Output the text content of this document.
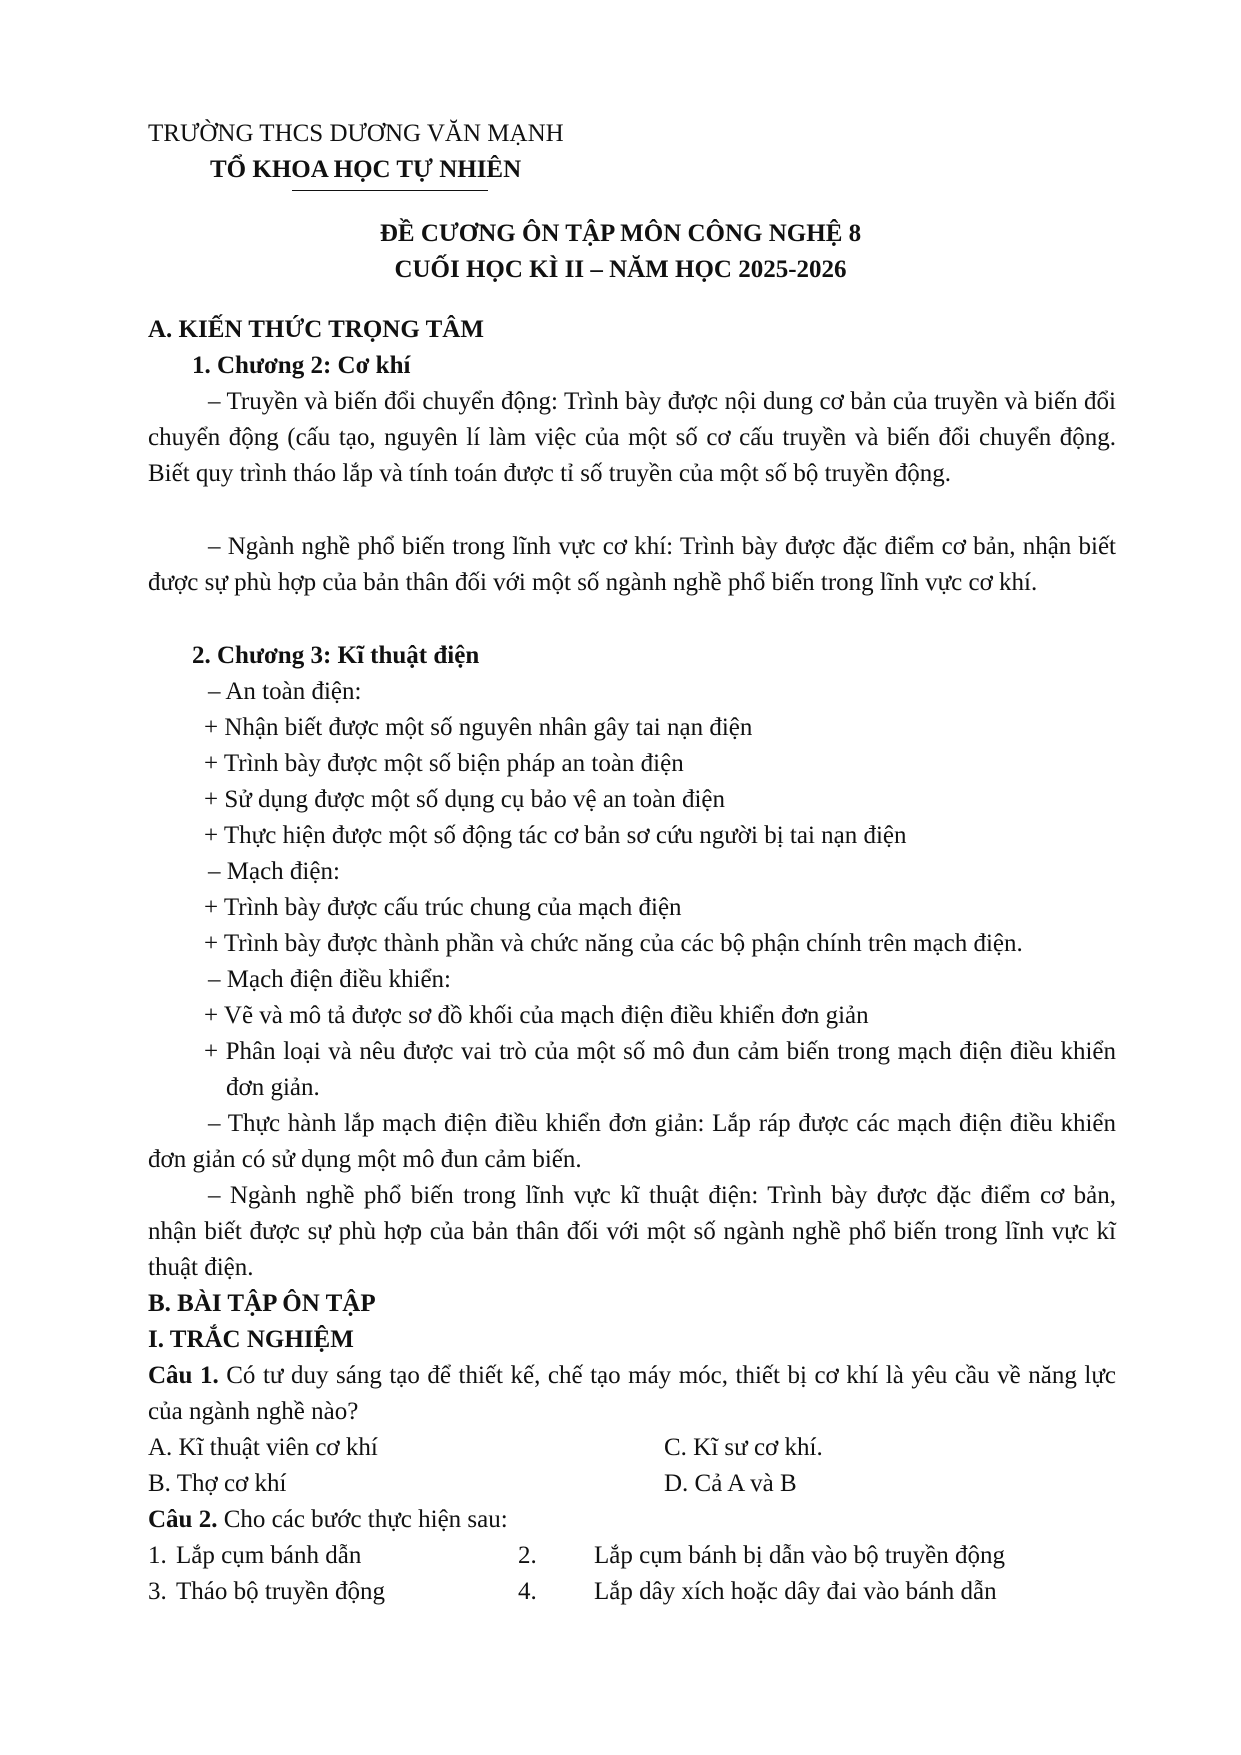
TRƯỜNG THCS DƯƠNG VĂN MẠNH
TỔ KHOA HỌC TỰ NHIÊN
ĐỀ CƯƠNG ÔN TẬP MÔN CÔNG NGHỆ 8
CUỐI HỌC KÌ II – NĂM HỌC 2025-2026
A. KIẾN THỨC TRỌNG TÂM
1. Chương 2: Cơ khí
– Truyền và biến đổi chuyển động: Trình bày được nội dung cơ bản của truyền và biến đổi chuyển động (cấu tạo, nguyên lí làm việc của một số cơ cấu truyền và biến đổi chuyển động. Biết quy trình tháo lắp và tính toán được tỉ số truyền của một số bộ truyền động.
– Ngành nghề phổ biến trong lĩnh vực cơ khí: Trình bày được đặc điểm cơ bản, nhận biết được sự phù hợp của bản thân đối với một số ngành nghề phổ biến trong lĩnh vực cơ khí.
2. Chương 3: Kĩ thuật điện
– An toàn điện:
+ Nhận biết được một số nguyên nhân gây tai nạn điện
+ Trình bày được một số biện pháp an toàn điện
+ Sử dụng được một số dụng cụ bảo vệ an toàn điện
+ Thực hiện được một số động tác cơ bản sơ cứu người bị tai nạn điện
– Mạch điện:
+ Trình bày được cấu trúc chung của mạch điện
+ Trình bày được thành phần và chức năng của các bộ phận chính trên mạch điện.
– Mạch điện điều khiển:
+ Vẽ và mô tả được sơ đồ khối của mạch điện điều khiển đơn giản
+ Phân loại và nêu được vai trò của một số mô đun cảm biến trong mạch điện điều khiển đơn giản.
– Thực hành lắp mạch điện điều khiển đơn giản: Lắp ráp được các mạch điện điều khiển đơn giản có sử dụng một mô đun cảm biến.
– Ngành nghề phổ biến trong lĩnh vực kĩ thuật điện: Trình bày được đặc điểm cơ bản, nhận biết được sự phù hợp của bản thân đối với một số ngành nghề phổ biến trong lĩnh vực kĩ thuật điện.
B. BÀI TẬP ÔN TẬP
I. TRẮC NGHIỆM
Câu 1. Có tư duy sáng tạo để thiết kế, chế tạo máy móc, thiết bị cơ khí là yêu cầu về năng lực của ngành nghề nào?
A. Kĩ thuật viên cơ khí	C. Kĩ sư cơ khí.
B. Thợ cơ khí	D. Cả A và B
Câu 2. Cho các bước thực hiện sau:
1. Lắp cụm bánh dẫn	2. Lắp cụm bánh bị dẫn vào bộ truyền động
3. Tháo bộ truyền động	4. Lắp dây xích hoặc dây đai vào bánh dẫn
